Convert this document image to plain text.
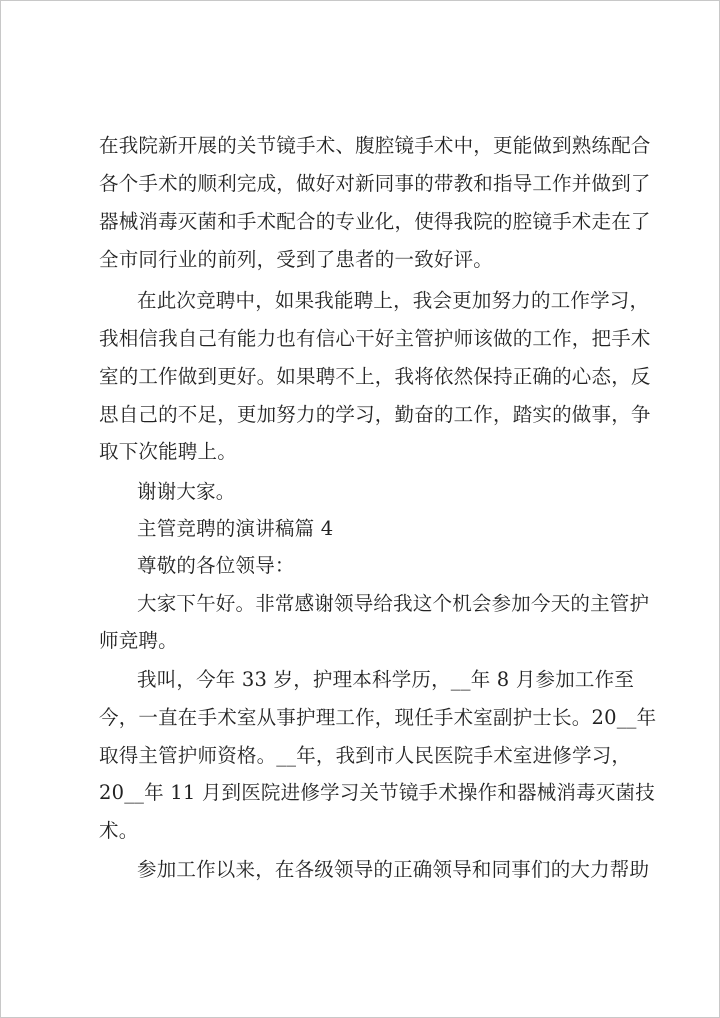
在我院新开展的关节镜手术、腹腔镜手术中，更能做到熟练配合
各个手术的顺利完成，做好对新同事的带教和指导工作并做到了
器械消毒灭菌和手术配合的专业化，使得我院的腔镜手术走在了
全市同行业的前列，受到了患者的一致好评。
在此次竞聘中，如果我能聘上，我会更加努力的工作学习，
我相信我自己有能力也有信心干好主管护师该做的工作，把手术
室的工作做到更好。如果聘不上，我将依然保持正确的心态，反
思自己的不足，更加努力的学习，勤奋的工作，踏实的做事，争
取下次能聘上。
谢谢大家。
主管竞聘的演讲稿篇 4
尊敬的各位领导：
大家下午好。非常感谢领导给我这个机会参加今天的主管护
师竞聘。
我叫，今年 33 岁，护理本科学历，__年 8 月参加工作至
今，一直在手术室从事护理工作，现任手术室副护士长。20__年
取得主管护师资格。__年，我到市人民医院手术室进修学习，
20__年 11 月到医院进修学习关节镜手术操作和器械消毒灭菌技
术。
参加工作以来，在各级领导的正确领导和同事们的大力帮助
